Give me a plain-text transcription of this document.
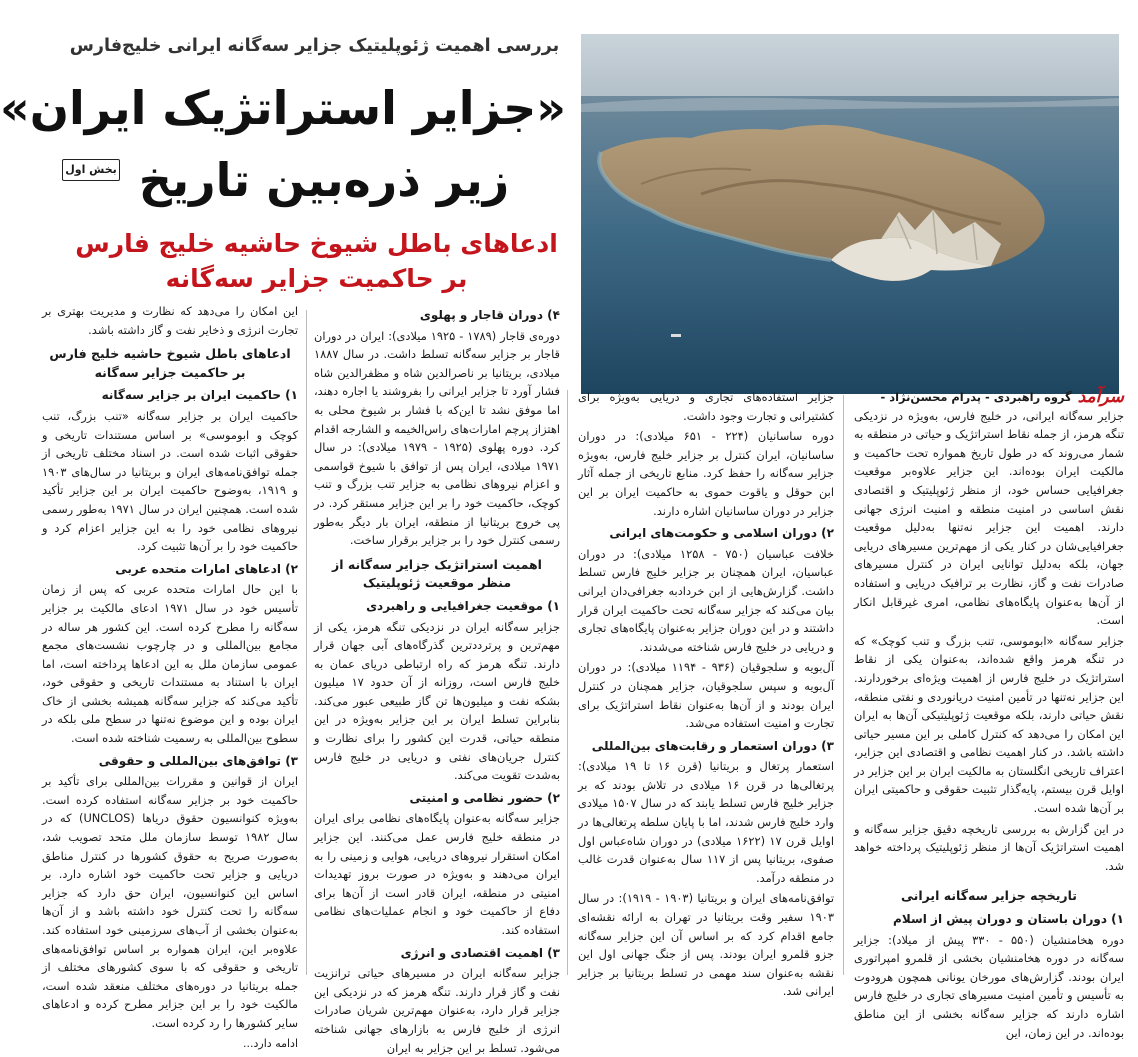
بررسی اهمیت ژئوپلیتیک جزایر سه‌گانه ایرانی خلیج‌فارس
«جزایر استراتژیک ایران»
بخش اول زیر ذره‌بین تاریخ
ادعاهای باطل شیوخ حاشیه خلیج فارس
بر حاکمیت جزایر سه‌گانه
سرآمد
گروه راهبردی - پدرام محسن‌نژاد -

جزایر سه‌گانه ایرانی، در خلیج فارس، به‌ویژه در نزدیکی تنگه هرمز، از جمله نقاط استراتژیک و حیاتی در منطقه به شمار می‌روند که در طول تاریخ همواره تحت حاکمیت و مالکیت ایران بوده‌اند. این جزایر علاوه‌بر موقعیت جغرافیایی حساس خود، از منظر ژئوپلیتیک و اقتصادی نقش اساسی در امنیت منطقه و امنیت انرژی جهانی دارند. اهمیت این جزایر نه‌تنها به‌دلیل موقعیت جغرافیایی‌شان در کنار یکی از مهم‌ترین مسیرهای دریایی جهان، بلکه به‌دلیل توانایی ایران در کنترل مسیرهای صادرات نفت و گاز، نظارت بر ترافیک دریایی و استفاده از آن‌ها به‌عنوان پایگاه‌های نظامی، امری غیرقابل انکار است.

جزایر سه‌گانه «ابوموسی، تنب بزرگ و تنب کوچک» که در تنگه هرمز واقع شده‌اند، به‌عنوان یکی از نقاط استراتژیک در خلیج فارس از اهمیت ویژه‌ای برخوردارند. این جزایر نه‌تنها در تأمین امنیت دریانوردی و نفتی منطقه، نقش حیاتی دارند، بلکه موقعیت ژئوپلیتیکی آن‌ها به ایران این امکان را می‌دهد که کنترل کاملی بر این مسیر حیاتی داشته باشد. در کنار اهمیت نظامی و اقتصادی این جزایر، اعتراف تاریخی انگلستان به مالکیت ایران بر این جزایر در اوایل قرن بیستم، پایه‌گذار تثبیت حقوقی و حاکمیتی ایران بر آن‌ها شده است.

در این گزارش به بررسی تاریخچه دقیق جزایر سه‌گانه و اهمیت استراتژیک آن‌ها از منظر ژئوپلیتیک پرداخته خواهد شد.

تاریخچه جزایر سه‌گانه ایرانی
۱) دوران باستان و دوران پیش از اسلام

دوره هخامنشیان (۵۵۰ - ۳۳۰ پیش از میلاد): جزایر سه‌گانه در دوره هخامنشیان بخشی از قلمرو امپراتوری ایران بودند. گزارش‌های مورخان یونانی همچون هرودوت به تأسیس و تأمین امنیت مسیرهای تجاری در خلیج فارس اشاره دارند که جزایر سه‌گانه بخشی از این مناطق بوده‌اند. در این زمان، این

جزایر استفاده‌های تجاری و دریایی به‌ویژه برای کشتیرانی و تجارت وجود داشت.

دوره ساسانیان (۲۲۴ - ۶۵۱ میلادی): در دوران ساسانیان، ایران کنترل بر جزایر خلیج فارس، به‌ویژه جزایر سه‌گانه را حفظ کرد. منابع تاریخی از جمله آثار ابن حوقل و یاقوت حموی به حاکمیت ایران بر این جزایر در دوران ساسانیان اشاره دارند.

۲) دوران اسلامی و حکومت‌های ایرانی

خلافت عباسیان (۷۵۰ - ۱۲۵۸ میلادی): در دوران عباسیان، ایران همچنان بر جزایر خلیج فارس تسلط داشت. گزارش‌هایی از ابن خردادبه جغرافی‌دان ایرانی بیان می‌کند که جزایر سه‌گانه تحت حاکمیت ایران قرار داشتند و در این دوران جزایر به‌عنوان پایگاه‌های تجاری و دریایی در خلیج فارس شناخته می‌شدند.

آل‌بویه و سلجوقیان (۹۳۶ - ۱۱۹۴ میلادی): در دوران آل‌بویه و سپس سلجوقیان، جزایر همچنان در کنترل ایران بودند و از آن‌ها به‌عنوان نقاط استراتژیک برای تجارت و امنیت استفاده می‌شد.

۳) دوران استعمار و رقابت‌های بین‌المللی

استعمار پرتغال و بریتانیا (قرن ۱۶ تا ۱۹ میلادی): پرتغالی‌ها در قرن ۱۶ میلادی در تلاش بودند که بر جزایر خلیج فارس تسلط یابند که در سال ۱۵۰۷ میلادی وارد خلیج فارس شدند، اما با پایان سلطه پرتغالی‌ها در اوایل قرن ۱۷ (۱۶۲۲ میلادی) در دوران شاه‌عباس اول صفوی، بریتانیا پس از ۱۱۷ سال به‌عنوان قدرت غالب در منطقه درآمد.

توافق‌نامه‌های ایران و بریتانیا (۱۹۰۳ - ۱۹۱۹): در سال ۱۹۰۳ سفیر وقت بریتانیا در تهران به ارائه نقشه‌ای جامع اقدام کرد که بر اساس آن این جزایر سه‌گانه جزو قلمرو ایران بودند. پس از جنگ جهانی اول این نقشه به‌عنوان سند مهمی در تسلط بریتانیا بر جزایر ایرانی شد.

۴) دوران قاجار و پهلوی

دوره‌ی قاجار (۱۷۸۹ - ۱۹۲۵ میلادی): ایران در دوران قاجار بر جزایر سه‌گانه تسلط داشت. در سال ۱۸۸۷ میلادی، بریتانیا بر ناصرالدین شاه و مظفرالدین شاه فشار آورد تا جزایر ایرانی را بفروشند یا اجاره دهند، اما موفق نشد تا این‌که با فشار بر شیوخ محلی به اهتزاز پرچم امارات‌های راس‌الخیمه و الشارجه اقدام کرد. دوره پهلوی (۱۹۲۵ - ۱۹۷۹ میلادی): در سال ۱۹۷۱ میلادی، ایران پس از توافق با شیوخ قواسمی و اعزام نیروهای نظامی به جزایر تنب بزرگ و تنب کوچک، حاکمیت خود را بر این جزایر مستقر کرد. در پی خروج بریتانیا از منطقه، ایران بار دیگر به‌طور رسمی کنترل خود را بر جزایر برقرار ساخت.

اهمیت استراتژیک جزایر سه‌گانه از منظر موقعیت ژئوپلیتیک
۱) موقعیت جغرافیایی و راهبردی

جزایر سه‌گانه ایران در نزدیکی تنگه هرمز، یکی از مهم‌ترین و پرتردد‌ترین گذرگاه‌های آبی جهان قرار دارند. تنگه هرمز که راه ارتباطی دریای عمان به خلیج فارس است، روزانه از آن حدود ۱۷ میلیون بشکه نفت و میلیون‌ها تن گاز طبیعی عبور می‌کند. بنابراین تسلط ایران بر این جزایر به‌ویژه در این منطقه حیاتی، قدرت این کشور را برای نظارت و کنترل جریان‌های نفتی و دریایی در خلیج فارس به‌شدت تقویت می‌کند.

۲) حضور نظامی و امنیتی

جزایر سه‌گانه به‌عنوان پایگاه‌های نظامی برای ایران در منطقه خلیج فارس عمل می‌کنند. این جزایر امکان استقرار نیروهای دریایی، هوایی و زمینی را به ایران می‌دهند و به‌ویژه در صورت بروز تهدیدات امنیتی در منطقه، ایران قادر است از آن‌ها برای دفاع از حاکمیت خود و انجام عملیات‌های نظامی استفاده کند.

۳) اهمیت اقتصادی و انرژی

جزایر سه‌گانه ایران در مسیرهای حیاتی ترانزیت نفت و گاز قرار دارند. تنگه هرمز که در نزدیکی این جزایر قرار دارد، به‌عنوان مهم‌ترین شریان صادرات انرژی از خلیج فارس به بازارهای جهانی شناخته می‌شود. تسلط بر این جزایر به ایران

این امکان را می‌دهد که نظارت و مدیریت بهتری بر تجارت انرژی و ذخایر نفت و گاز داشته باشد.

ادعاهای باطل شیوخ حاشیه خلیج فارس بر حاکمیت جزایر سه‌گانه
۱) حاکمیت ایران بر جزایر سه‌گانه

حاکمیت ایران بر جزایر سه‌گانه «تنب بزرگ، تنب کوچک و ابوموسی» بر اساس مستندات تاریخی و حقوقی اثبات شده است. در اسناد مختلف تاریخی از جمله توافق‌نامه‌های ایران و بریتانیا در سال‌های ۱۹۰۳ و ۱۹۱۹، به‌وضوح حاکمیت ایران بر این جزایر تأکید شده است. همچنین ایران در سال ۱۹۷۱ به‌طور رسمی نیروهای نظامی خود را به این جزایر اعزام کرد و حاکمیت خود را بر آن‌ها تثبیت کرد.

۲) ادعاهای امارات متحده عربی

با این حال امارات متحده عربی که پس از زمان تأسیس خود در سال ۱۹۷۱ ادعای مالکیت بر جزایر سه‌گانه را مطرح کرده است. این کشور هر ساله در مجامع بین‌المللی و در چارچوب نشست‌های مجمع عمومی سازمان ملل به این ادعاها پرداخته است، اما ایران با استناد به مستندات تاریخی و حقوقی خود، تأکید می‌کند که جزایر سه‌گانه همیشه بخشی از خاک ایران بوده و این موضوع نه‌تنها در سطح ملی بلکه در سطوح بین‌المللی به رسمیت شناخته شده است.

۳) توافق‌های بین‌المللی و حقوقی

ایران از قوانین و مقررات بین‌المللی برای تأکید بر حاکمیت خود بر جزایر سه‌گانه استفاده کرده است. به‌ویژه کنوانسیون حقوق دریاها (UNCLOS) که در سال ۱۹۸۲ توسط سازمان ملل متحد تصویب شد، به‌صورت صریح به حقوق کشورها در کنترل مناطق دریایی و جزایر تحت حاکمیت خود اشاره دارد. بر اساس این کنوانسیون، ایران حق دارد که جزایر سه‌گانه را تحت کنترل خود داشته باشد و از آن‌ها به‌عنوان بخشی از آب‌های سرزمینی خود استفاده کند. علاوه‌بر این، ایران همواره بر اساس توافق‌نامه‌های تاریخی و حقوقی که با سوی کشورهای مختلف از جمله بریتانیا در دوره‌های مختلف منعقد شده است، مالکیت خود را بر این جزایر مطرح کرده و ادعاهای سایر کشورها را رد کرده است.

ادامه دارد...
